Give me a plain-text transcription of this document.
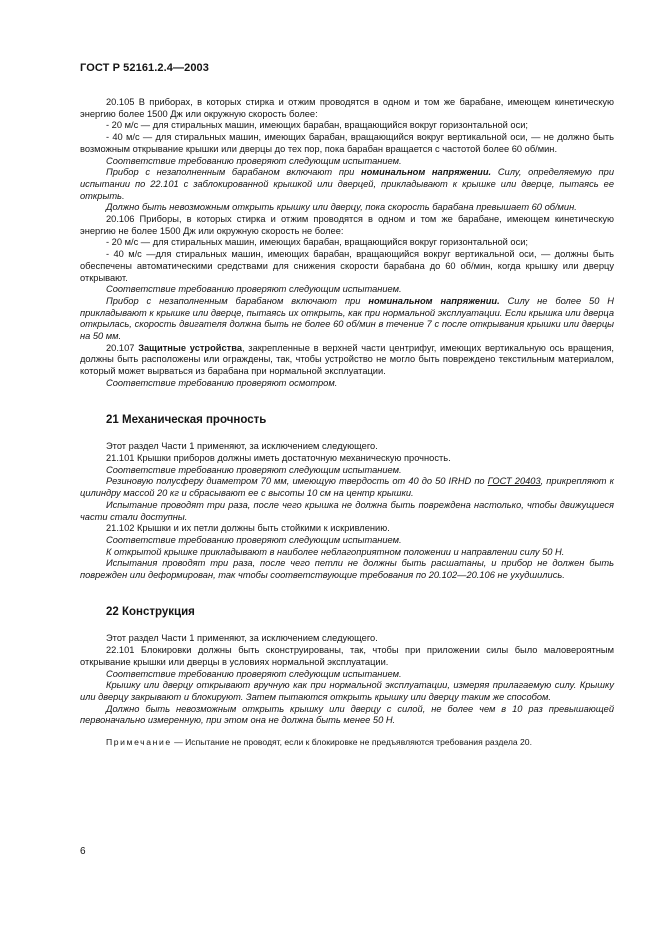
ГОСТ Р 52161.2.4—2003

20.105 В приборах, в которых стирка и отжим проводятся в одном и том же барабане, имеющем кинетическую энергию более 1500 Дж или окружную скорость более:

- 20 м/с — для стиральных машин, имеющих барабан, вращающийся вокруг горизонтальной оси;

- 40 м/с — для стиральных машин, имеющих барабан, вращающийся вокруг вертикальной оси, — не должно быть возможным открывание крышки или дверцы до тех пор, пока барабан вращается с частотой более 60 об/мин.

Соответствие требованию проверяют следующим испытанием.

Прибор с незаполненным барабаном включают при номинальном напряжении. Силу, определяемую при испытании по 22.101 с заблокированной крышкой или дверцей, прикладывают к крышке или дверце, пытаясь ее открыть.

Должно быть невозможным открыть крышку или дверцу, пока скорость барабана превышает 60 об/мин.

20.106 Приборы, в которых стирка и отжим проводятся в одном и том же барабане, имеющем кинетическую энергию не более 1500 Дж или окружную скорость не более:

- 20 м/с — для стиральных машин, имеющих барабан, вращающийся вокруг горизонтальной оси;

- 40 м/с —для стиральных машин, имеющих барабан, вращающийся вокруг вертикальной оси, — должны быть обеспечены автоматическими средствами для снижения скорости барабана до 60 об/мин, когда крышку или дверцу открывают.

Соответствие требованию проверяют следующим испытанием.

Прибор с незаполненным барабаном включают при номинальном напряжении. Силу не более 50 Н прикладывают к крышке или дверце, пытаясь их открыть, как при нормальной эксплуатации. Если крышка или дверца открылась, скорость двигателя должна быть не более 60 об/мин в течение 7 с после открывания крышки или дверцы на 50 мм.

20.107 Защитные устройства, закрепленные в верхней части центрифуг, имеющих вертикальную ось вращения, должны быть расположены или ограждены, так, чтобы устройство не могло быть повреждено текстильным материалом, который может вырваться из барабана при нормальной эксплуатации.

Соответствие требованию проверяют осмотром.

21 Механическая прочность

Этот раздел Части 1 применяют, за исключением следующего.

21.101 Крышки приборов должны иметь достаточную механическую прочность.

Соответствие требованию проверяют следующим испытанием.

Резиновую полусферу диаметром 70 мм, имеющую твердость от 40 до 50 IRHD по ГОСТ 20403, прикрепляют к цилиндру массой 20 кг и сбрасывают ее с высоты 10 см на центр крышки.

Испытание проводят три раза, после чего крышка не должна быть повреждена настолько, чтобы движущиеся части стали доступны.

21.102 Крышки и их петли должны быть стойкими к искривлению.

Соответствие требованию проверяют следующим испытанием.

К открытой крышке прикладывают в наиболее неблагоприятном положении и направлении силу 50 Н.

Испытания проводят три раза, после чего петли не должны быть расшатаны, и прибор не должен быть поврежден или деформирован, так чтобы соответствующие требования по 20.102—20.106 не ухудшились.

22 Конструкция

Этот раздел Части 1 применяют, за исключением следующего.

22.101 Блокировки должны быть сконструированы, так, чтобы при приложении силы было маловероятным открывание крышки или дверцы в условиях нормальной эксплуатации.

Соответствие требованию проверяют следующим испытанием.

Крышку или дверцу открывают вручную как при нормальной эксплуатации, измеряя прилагаемую силу. Крышку или дверцу закрывают и блокируют. Затем пытаются открыть крышку или дверцу таким же способом.

Должно быть невозможным открыть крышку или дверцу с силой, не более чем в 10 раз превышающей первоначально измеренную, при этом она не должна быть менее 50 Н.

Примечание — Испытание не проводят, если к блокировке не предъявляются требования раздела 20.

6
